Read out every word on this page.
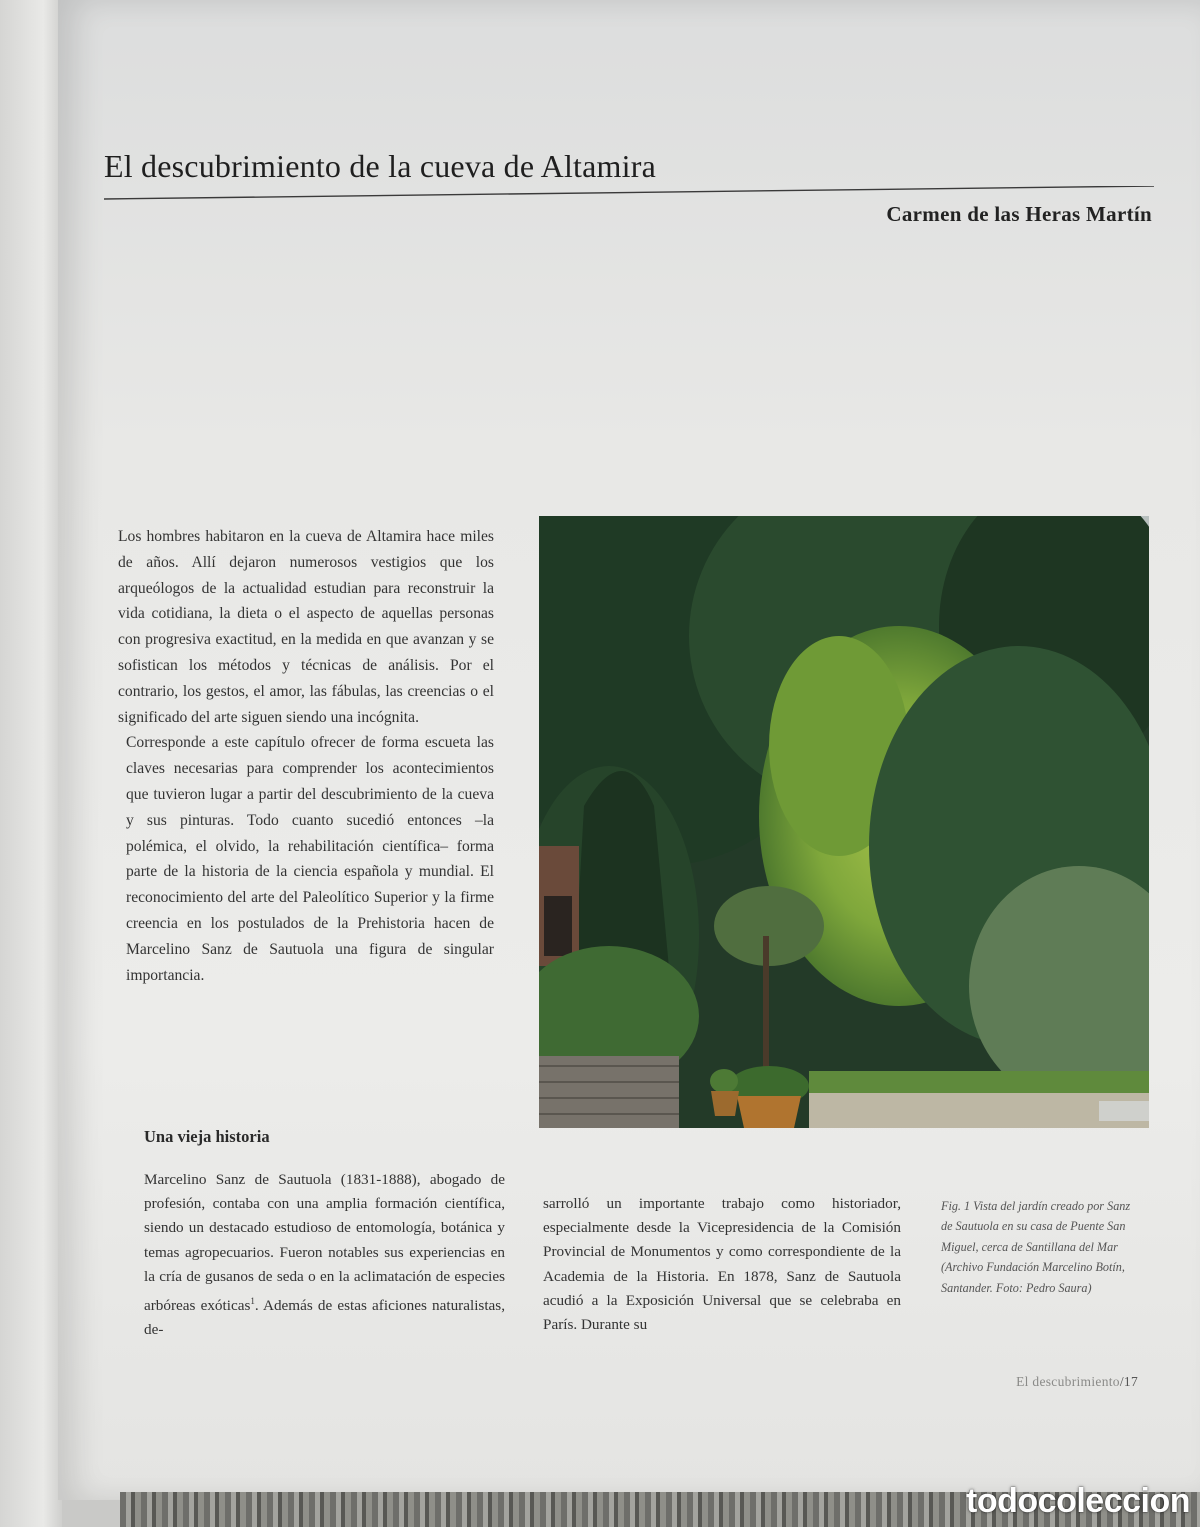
El descubrimiento de la cueva de Altamira
Carmen de las Heras Martín

Los hombres habitaron en la cueva de Altamira hace miles de años. Allí dejaron numerosos vestigios que los arqueólogos de la actualidad estudian para reconstruir la vida cotidiana, la dieta o el aspecto de aquellas personas con progresiva exactitud, en la medida en que avanzan y se sofistican los métodos y técnicas de análisis. Por el contrario, los gestos, el amor, las fábulas, las creencias o el significado del arte siguen siendo una incógnita.

Corresponde a este capítulo ofrecer de forma escueta las claves necesarias para comprender los acontecimientos que tuvieron lugar a partir del descubrimiento de la cueva y sus pinturas. Todo cuanto sucedió entonces –la polémica, el olvido, la rehabilitación científica– forma parte de la historia de la ciencia española y mundial. El reconocimiento del arte del Paleolítico Superior y la firme creencia en los postulados de la Prehistoria hacen de Marcelino Sanz de Sautuola una figura de singular importancia.

Una vieja historia

Marcelino Sanz de Sautuola (1831-1888), abogado de profesión, contaba con una amplia formación científica, siendo un destacado estudioso de entomología, botánica y temas agropecuarios. Fueron notables sus experiencias en la cría de gusanos de seda o en la aclimatación de especies arbóreas exóticas$^1$. Además de estas aficiones naturalistas, de-

sarrolló un importante trabajo como historiador, especialmente desde la Vicepresidencia de la Comisión Provincial de Monumentos y como correspondiente de la Academia de la Historia. En 1878, Sanz de Sautuola acudió a la Exposición Universal que se celebraba en París. Durante su

Fig. 1 Vista del jardín creado por Sanz de Sautuola en su casa de Puente San Miguel, cerca de Santillana del Mar (Archivo Fundación Marcelino Botín, Santander. Foto: Pedro Saura)

El descubrimiento/17
todocoleccion
